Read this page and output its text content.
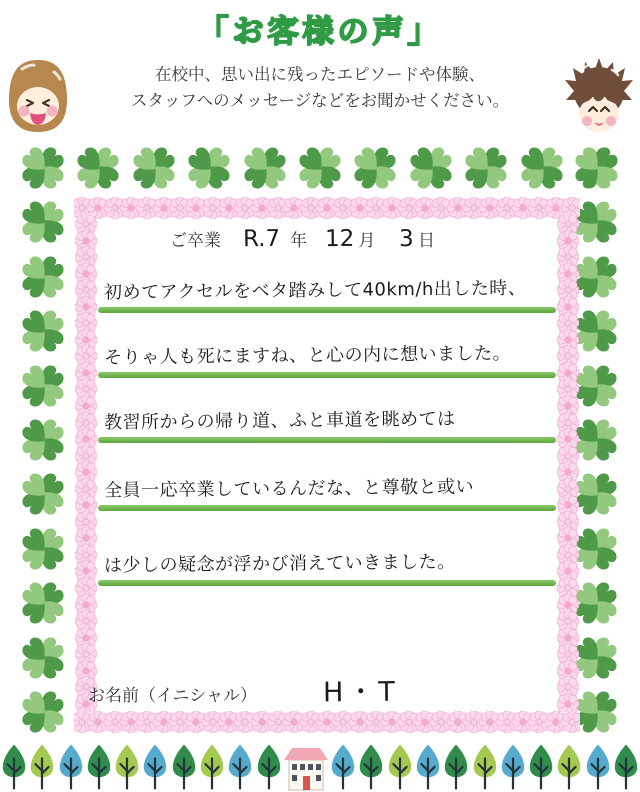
「お客様の声」
在校中、思い出に残ったエピソードや体験、
スタッフへのメッセージなどをお聞かせください。
ご卒業 R.7 年 12 月 3 日
初めてアクセルをベタ踏みして40km/h出した時、
そりゃ人も死にますね、と心の内に想いました。
教習所からの帰り道、ふと車道を眺めては
全員一応卒業しているんだな、と尊敬と或い
は少しの疑念が浮かび消えていきました。
お名前（イニシャル） H・T
